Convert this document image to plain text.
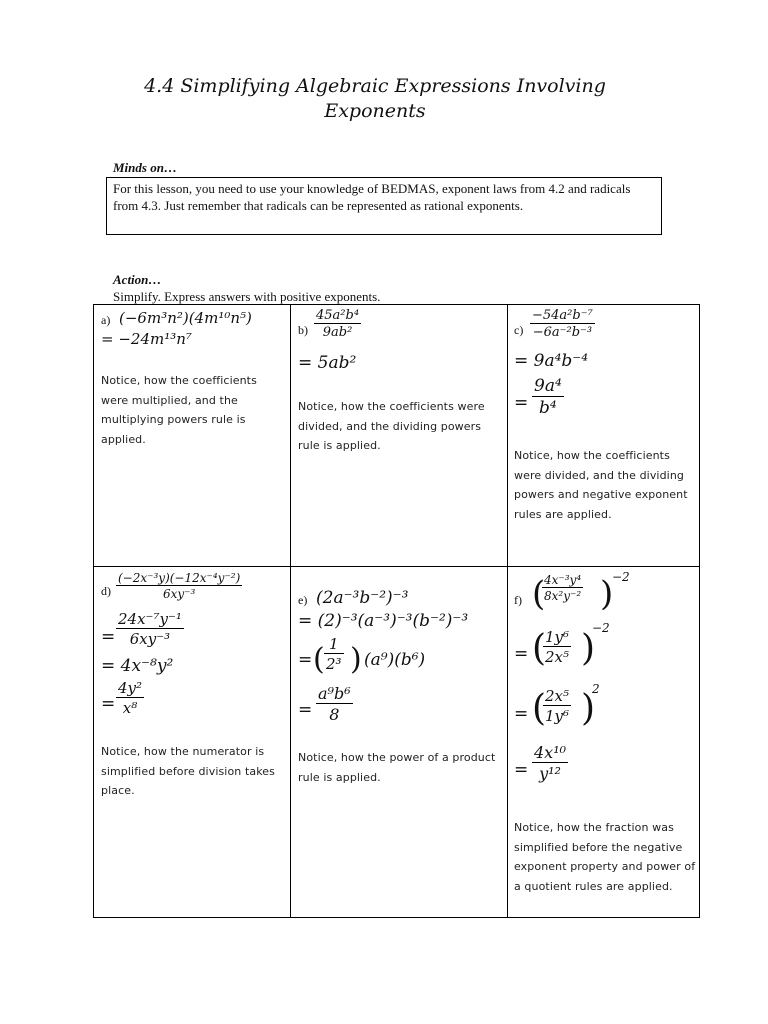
4.4 Simplifying Algebraic Expressions Involving Exponents
Minds on…
For this lesson, you need to use your knowledge of BEDMAS, exponent laws from 4.2 and radicals from 4.3. Just remember that radicals can be represented as rational exponents.
Action…
Simplify. Express answers with positive exponents.
a) (−6m³n²)(4m¹⁰n⁵)
= −24m¹³n⁷
Notice, how the coefficients were multiplied, and the multiplying powers rule is applied.
$b) \frac{\text{45a²b⁴}}{\text{9ab²}}$
= 5ab²
Notice, how the coefficients were divided, and the dividing powers rule is applied.
$c) \frac{\text{−54a²b⁻⁷}}{\text{−6a⁻²b⁻³}}$
= 9a⁴b⁻⁴
= $\frac{\text{9a⁴}}{\text{b⁴}}$
Notice, how the coefficients were divided, and the dividing powers and negative exponent rules are applied.
$d) \frac{\text{(−2x⁻³y)(−12x⁻⁴y⁻²)}}{\text{6xy⁻³}}$
= $\frac{\text{24x⁻⁷y⁻¹}}{\text{6xy⁻³}}$
= 4x⁻⁸y²
= $\frac{\text{4y²}}{\text{x⁸}}$
Notice, how the numerator is simplified before division takes place.
e) (2a⁻³b⁻²)⁻³
= (2)⁻³(a⁻³)⁻³(b⁻²)⁻³
= ( $\frac{1}{\text{2³}}$ ) (a⁹)(b⁶)
= $\frac{\text{a⁹b⁶}}{8}$
Notice, how the power of a product rule is applied.
f) (
$\frac{\text{4x⁻³y⁴}}{\text{8x²y⁻²}}$ )
−2
= (
$\frac{\text{1y⁶}}{\text{2x⁵}}$ )
−2
= (
$\frac{\text{2x⁵}}{\text{1y⁶}}$ )
2
= $\frac{\text{4x¹⁰}}{\text{y¹²}}$
Notice, how the fraction was simplified before the negative exponent property and power of a quotient rules are applied.
